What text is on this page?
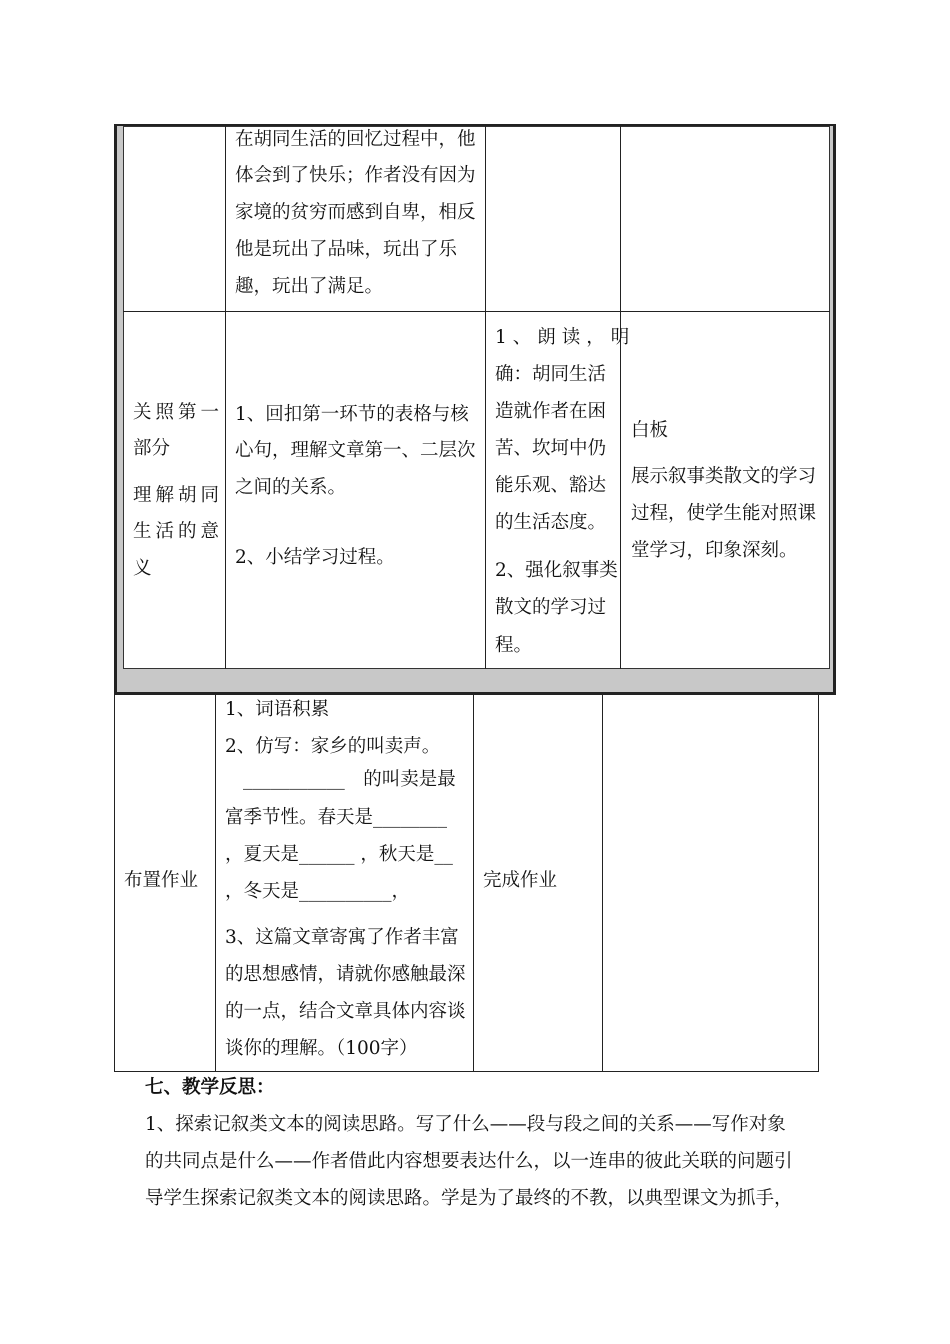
在胡同生活的回忆过程中，他
体会到了快乐；作者没有因为
家境的贫穷而感到自卑，相反
他是玩出了品味，玩出了乐
趣，玩出了满足。
关照第一
部分
理解胡同
生活的意
义
1、回扣第一环节的表格与核
心句，理解文章第一、二层次
之间的关系。
2、小结学习过程。
1、朗读，明
确：胡同生活
造就作者在困
苦、坎坷中仍
能乐观、豁达
的生活态度。
2、强化叙事类
散文的学习过
程。
白板
展示叙事类散文的学习
过程，使学生能对照课
堂学习，印象深刻。
布置作业
1、词语积累
2、仿写：家乡的叫卖声。
___________　的叫卖是最
富季节性。春天是________
，夏天是______ ，秋天是__
，冬天是__________，
3、这篇文章寄寓了作者丰富
的思想感情，请就你感触最深
的一点，结合文章具体内容谈
谈你的理解。（100字）
完成作业
七、教学反思：
1、探索记叙类文本的阅读思路。写了什么——段与段之间的关系——写作对象
的共同点是什么——作者借此内容想要表达什么，以一连串的彼此关联的问题引
导学生探索记叙类文本的阅读思路。学是为了最终的不教，以典型课文为抓手，
